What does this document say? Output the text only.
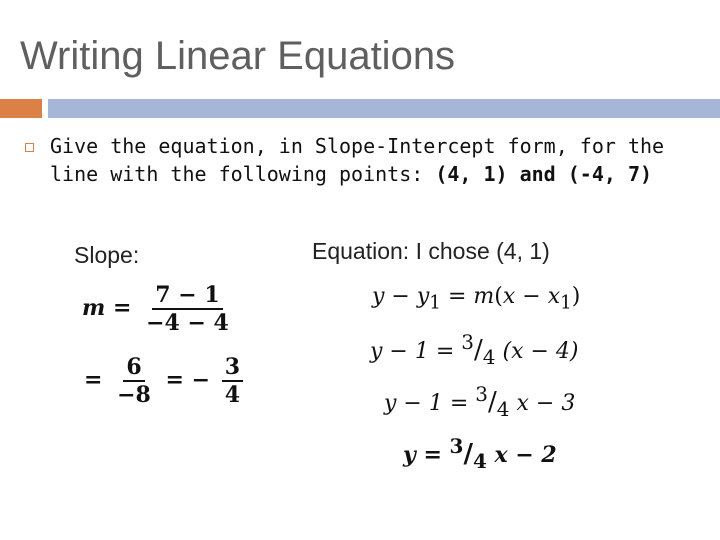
Writing Linear Equations

Give the equation, in Slope-Intercept form, for the line with the following points: (4, 1) and (-4, 7)

Slope:
$m = \frac{7 - 1}{-4 - 4}$
= $\frac{6}{-8}$ = − $\frac{3}{4}$
Equation: I chose (4, 1)
$y - y_1 = m(x - x_1)$
$y - 1 = ^3/_4$ (x − 4)
$y - 1 = ^3/_4$ x − 3
$y = ^3/_4$ x − 2
